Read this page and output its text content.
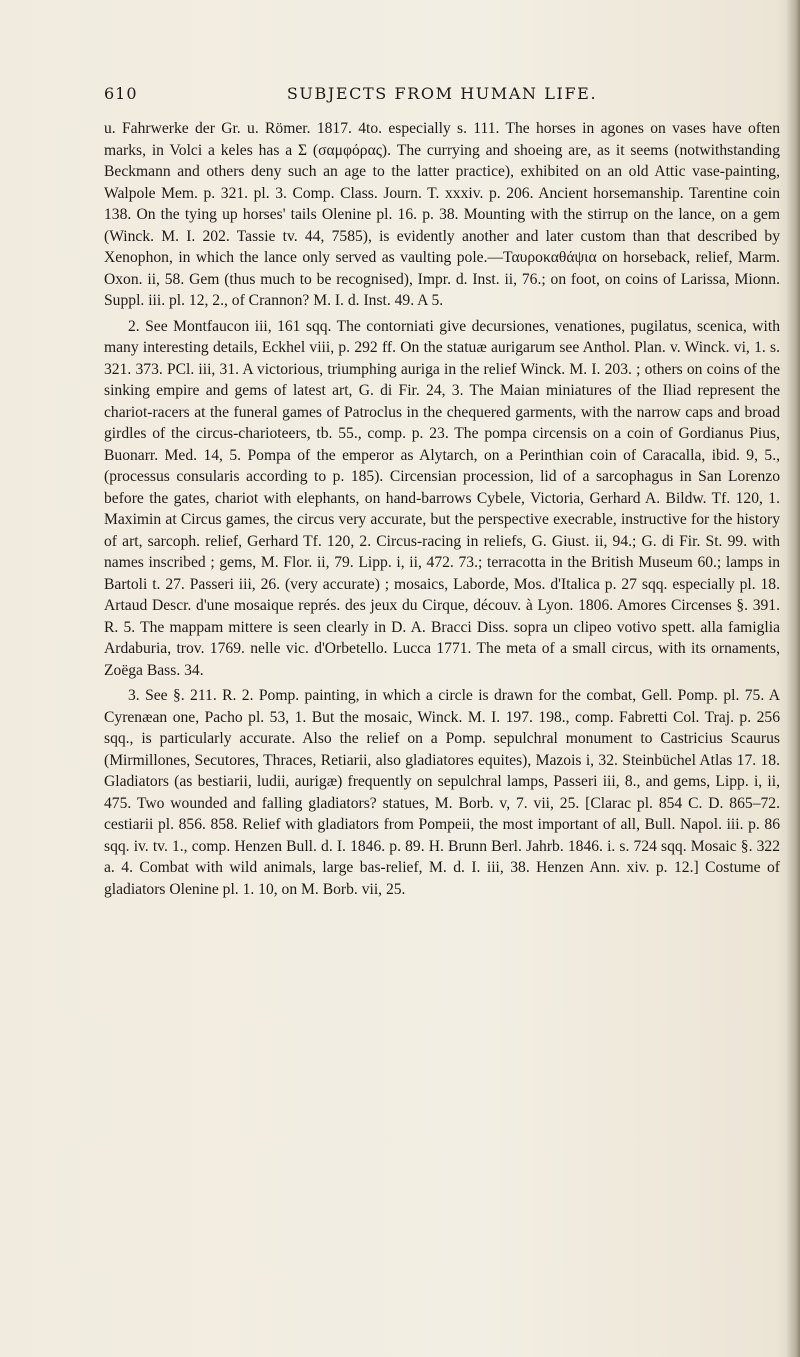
610	SUBJECTS FROM HUMAN LIFE.

u. Fahrwerke der Gr. u. Römer. 1817. 4to. especially s. 111. The horses in agones on vases have often marks, in Volci a keles has a Σ (σαμφόρας). The currying and shoeing are, as it seems (notwithstanding Beckmann and others deny such an age to the latter practice), exhibited on an old Attic vase-painting, Walpole Mem. p. 321. pl. 3. Comp. Class. Journ. T. xxxiv. p. 206. Ancient horsemanship. Tarentine coin 138. On the tying up horses' tails Olenine pl. 16. p. 38. Mounting with the stirrup on the lance, on a gem (Winck. M. I. 202. Tassie tv. 44, 7585), is evidently another and later custom than that described by Xenophon, in which the lance only served as vaulting pole.—Ταυροκαθάψια on horseback, relief, Marm. Oxon. ii, 58. Gem (thus much to be recognised), Impr. d. Inst. ii, 76.; on foot, on coins of Larissa, Mionn. Suppl. iii. pl. 12, 2., of Crannon? M. I. d. Inst. 49. A 5.

2. See Montfaucon iii, 161 sqq. The contorniati give decursiones, venationes, pugilatus, scenica, with many interesting details, Eckhel viii, p. 292 ff. On the statuæ aurigarum see Anthol. Plan. v. Winck. vi, 1. s. 321. 373. PCl. iii, 31. A victorious, triumphing auriga in the relief Winck. M. I. 203. ; others on coins of the sinking empire and gems of latest art, G. di Fir. 24, 3. The Maian miniatures of the Iliad represent the chariot-racers at the funeral games of Patroclus in the chequered garments, with the narrow caps and broad girdles of the circus-charioteers, tb. 55., comp. p. 23. The pompa circensis on a coin of Gordianus Pius, Buonarr. Med. 14, 5. Pompa of the emperor as Alytarch, on a Perinthian coin of Caracalla, ibid. 9, 5., (processus consularis according to p. 185). Circensian procession, lid of a sarcophagus in San Lorenzo before the gates, chariot with elephants, on hand-barrows Cybele, Victoria, Gerhard A. Bildw. Tf. 120, 1. Maximin at Circus games, the circus very accurate, but the perspective execrable, instructive for the history of art, sarcoph. relief, Gerhard Tf. 120, 2. Circus-racing in reliefs, G. Giust. ii, 94.; G. di Fir. St. 99. with names inscribed ; gems, M. Flor. ii, 79. Lipp. i, ii, 472. 73.; terracotta in the British Museum 60.; lamps in Bartoli t. 27. Passeri iii, 26. (very accurate) ; mosaics, Laborde, Mos. d'Italica p. 27 sqq. especially pl. 18. Artaud Descr. d'une mosaique représ. des jeux du Cirque, découv. à Lyon. 1806. Amores Circenses §. 391. R. 5. The mappam mittere is seen clearly in D. A. Bracci Diss. sopra un clipeo votivo spett. alla famiglia Ardaburia, trov. 1769. nelle vic. d'Orbetello. Lucca 1771. The meta of a small circus, with its ornaments, Zoëga Bass. 34.

3. See §. 211. R. 2. Pomp. painting, in which a circle is drawn for the combat, Gell. Pomp. pl. 75. A Cyrenæan one, Pacho pl. 53, 1. But the mosaic, Winck. M. I. 197. 198., comp. Fabretti Col. Traj. p. 256 sqq., is particularly accurate. Also the relief on a Pomp. sepulchral monument to Castricius Scaurus (Mirmillones, Secutores, Thraces, Retiarii, also gladiatores equites), Mazois i, 32. Steinbüchel Atlas 17. 18. Gladiators (as bestiarii, ludii, aurigæ) frequently on sepulchral lamps, Passeri iii, 8., and gems, Lipp. i, ii, 475. Two wounded and falling gladiators? statues, M. Borb. v, 7. vii, 25. [Clarac pl. 854 C. D. 865–72. cestiarii pl. 856. 858. Relief with gladiators from Pompeii, the most important of all, Bull. Napol. iii. p. 86 sqq. iv. tv. 1., comp. Henzen Bull. d. I. 1846. p. 89. H. Brunn Berl. Jahrb. 1846. i. s. 724 sqq. Mosaic §. 322 a. 4. Combat with wild animals, large bas-relief, M. d. I. iii, 38. Henzen Ann. xiv. p. 12.] Costume of gladiators Olenine pl. 1. 10, on M. Borb. vii, 25.
